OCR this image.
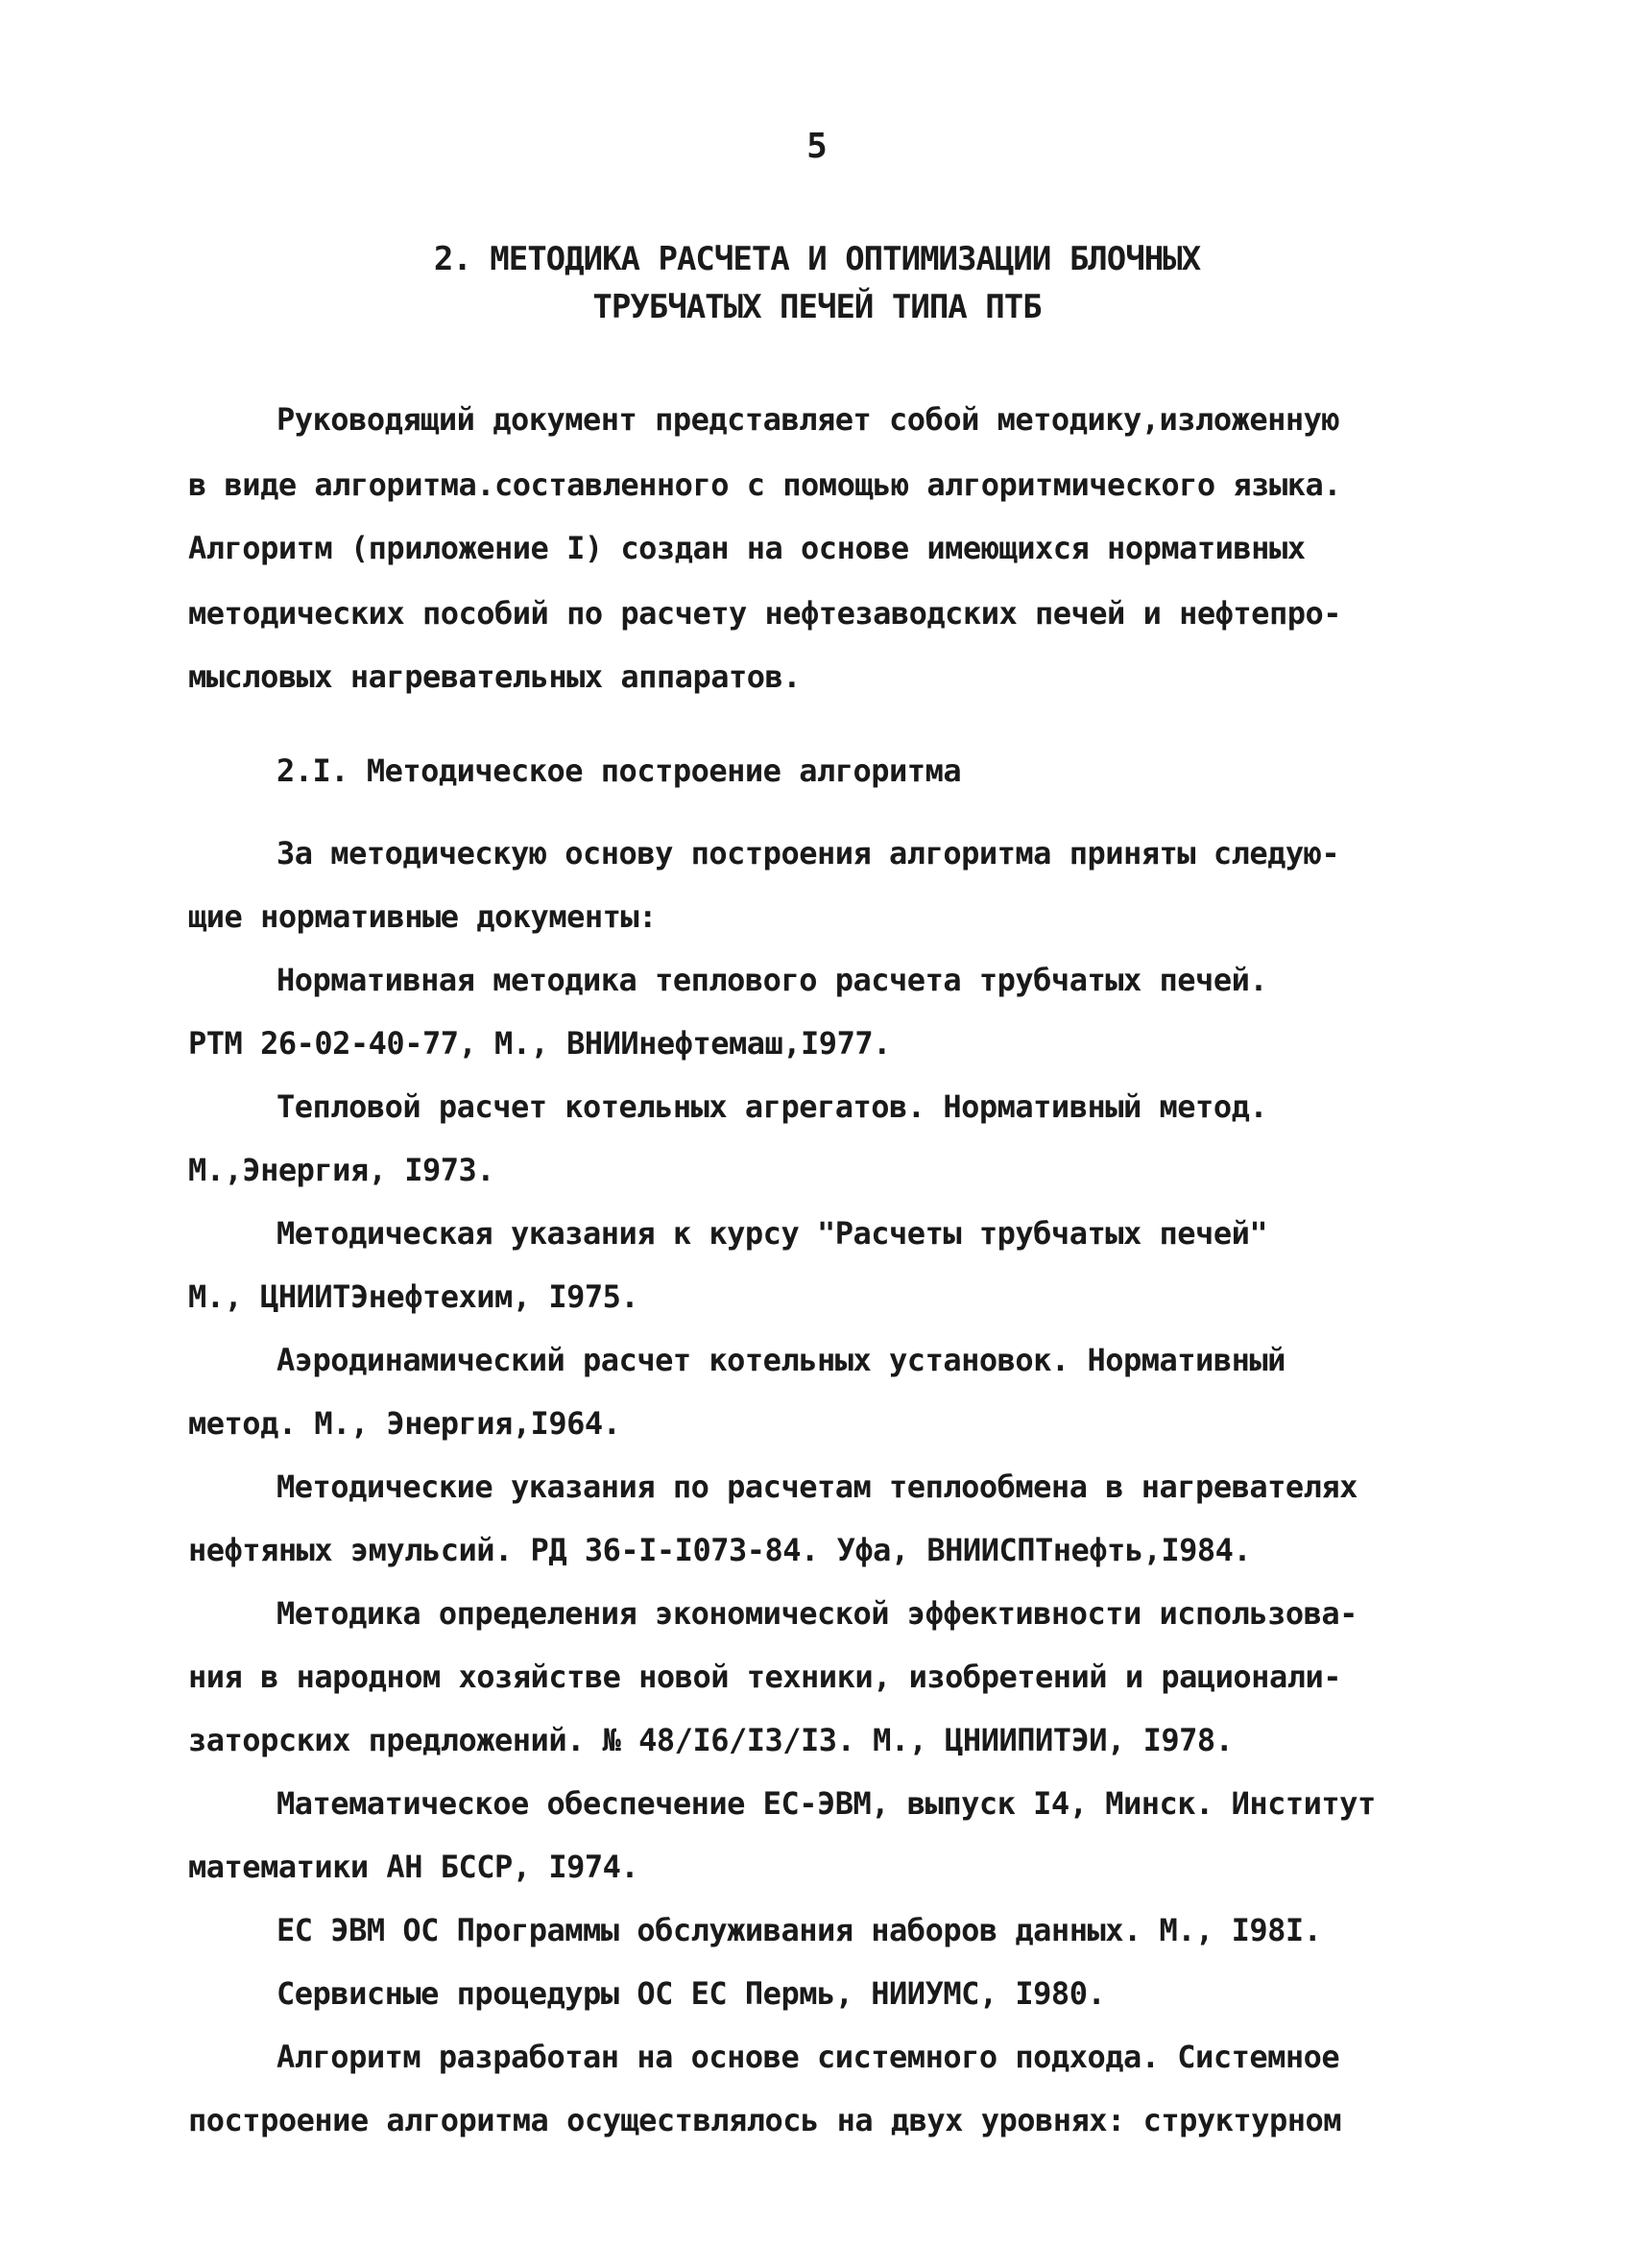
5
2. МЕТОДИКА РАСЧЕТА И ОПТИМИЗАЦИИ БЛОЧНЫХ
ТРУБЧАТЫХ ПЕЧЕЙ ТИПА ПТБ
Руководящий документ представляет собой методику,изложенную
в виде алгоритма.составленного с помощью алгоритмического языка.
Алгоритм (приложение I) создан на основе имеющихся нормативных
методических пособий по расчету нефтезаводских печей и нефтепро-
мысловых нагревательных аппаратов.
2.I. Методическое построение алгоритма
За методическую основу построения алгоритма приняты следую-
щие нормативные документы:
Нормативная методика теплового расчета трубчатых печей.
РТМ 26-02-40-77, М., ВНИИнефтемаш,I977.
Тепловой расчет котельных агрегатов. Нормативный метод.
М.,Энергия, I973.
Методическая указания к курсу "Расчеты трубчатых печей"
М., ЦНИИТЭнефтехим, I975.
Аэродинамический расчет котельных установок. Нормативный
метод. М., Энергия,I964.
Методические указания по расчетам теплообмена в нагревателях
нефтяных эмульсий. РД 36-I-I073-84. Уфа, ВНИИСПТнефть,I984.
Методика определения экономической эффективности использова-
ния в народном хозяйстве новой техники, изобретений и рационали-
заторских предложений. № 48/I6/I3/I3. М., ЦНИИПИТЭИ, I978.
Математическое обеспечение ЕС-ЭВМ, выпуск I4, Минск. Институт
математики АН БССР, I974.
ЕС ЭВМ ОС Программы обслуживания наборов данных. М., I98I.
Сервисные процедуры ОС ЕС Пермь, НИИУМС, I980.
Алгоритм разработан на основе системного подхода. Системное
построение алгоритма осуществлялось на двух уровнях: структурном
